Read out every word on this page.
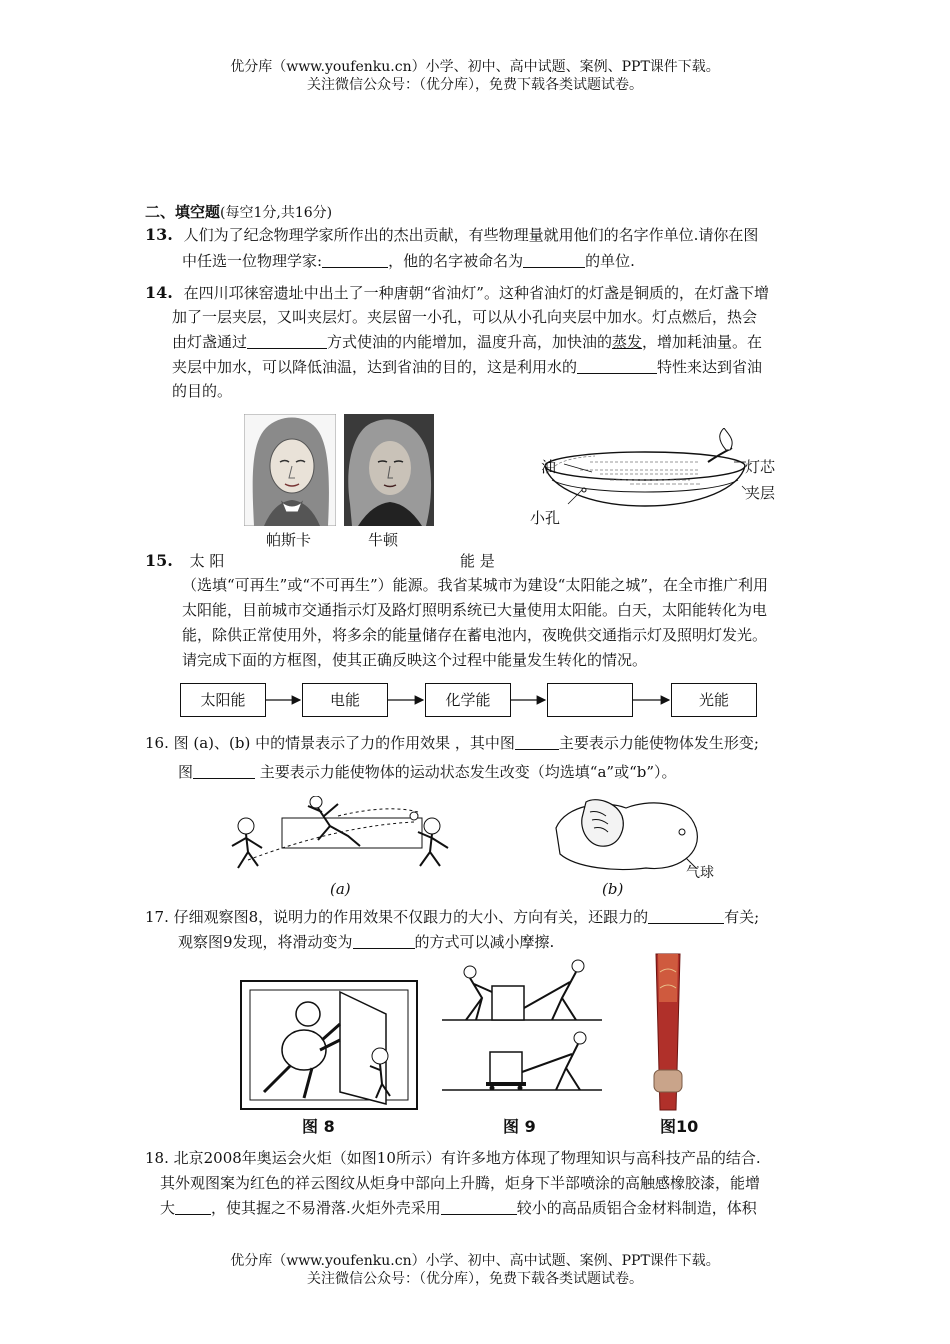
优分库（www.youfenku.cn）小学、初中、高中试题、案例、PPT课件下载。
关注微信公众号：（优分库），免费下载各类试题试卷。
二、填空题(每空1分,共16分)
13. 人们为了纪念物理学家所作出的杰出贡献，有些物理量就用他们的名字作单位.请你在图
中任选一位物理学家:	，他的名字被命名为	的单位.
14. 在四川邛徕窑遗址中出土了一种唐朝“省油灯”。这种省油灯的灯盏是铜质的，在灯盏下增
加了一层夹层，又叫夹层灯。夹层留一小孔，可以从小孔向夹层中加水。灯点燃后，热会
由灯盏通过	方式使油的内能增加，温度升高，加快油的蒸发，增加耗油量。在
夹层中加水，可以降低油温，达到省油的目的，这是利用水的	特性来达到省油
的目的。
帕斯卡	牛顿
油	灯芯
夹层
小孔
15. 太 阳	能 是
（选填“可再生”或“不可再生”）能源。我省某城市为建设“太阳能之城”，在全市推广利用
太阳能，目前城市交通指示灯及路灯照明系统已大量使用太阳能。白天，太阳能转化为电
能，除供正常使用外，将多余的能量储存在蓄电池内，夜晚供交通指示灯及照明灯发光。
请完成下面的方框图，使其正确反映这个过程中能量发生转化的情况。
太阳能	电能	化学能	光能
16. 图 (a)、(b) 中的情景表示了力的作用效果 ，其中图	主要表示力能使物体发生形变;
图	主要表示力能使物体的运动状态发生改变（均选填“a”或“b”）。
(a)	(b)
气球
17. 仔细观察图8，说明力的作用效果不仅跟力的大小、方向有关，还跟力的	有关;
观察图9发现，将滑动变为	的方式可以减小摩擦.
图 8	图 9	图10
18. 北京2008年奥运会火炬（如图10所示）有许多地方体现了物理知识与高科技产品的结合.
其外观图案为红色的祥云图纹从炬身中部向上升腾，炬身下半部喷涂的高触感橡胶漆，能增
大 ，使其握之不易滑落.火炬外壳采用	较小的高品质铝合金材料制造，体积
优分库（www.youfenku.cn）小学、初中、高中试题、案例、PPT课件下载。
关注微信公众号：（优分库），免费下载各类试题试卷。
